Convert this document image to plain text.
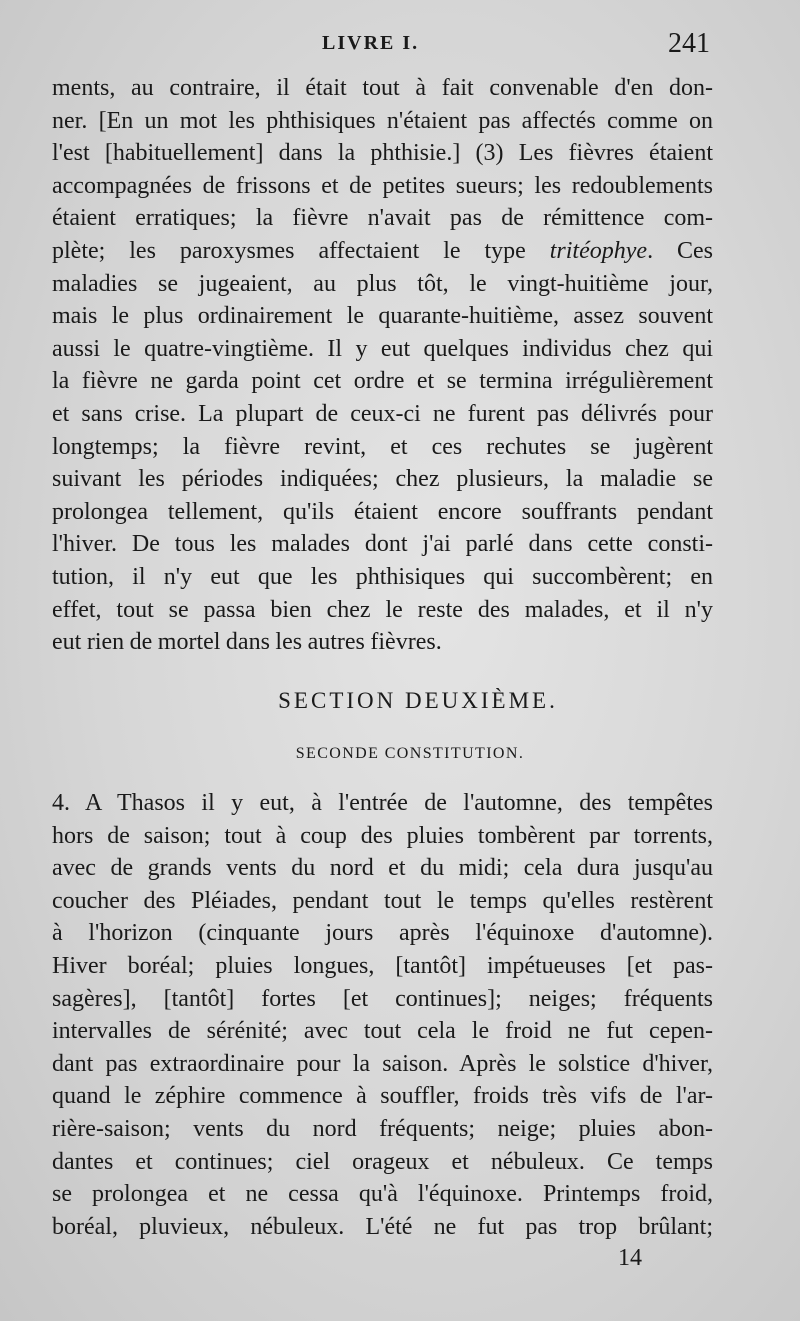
LIVRE I.	241
ments, au contraire, il était tout à fait convenable d'en don-
ner. [En un mot les phthisiques n'étaient pas affectés comme on
l'est [habituellement] dans la phthisie.] (3) Les fièvres étaient
accompagnées de frissons et de petites sueurs; les redoublements
étaient erratiques; la fièvre n'avait pas de rémittence com-
plète; les paroxysmes affectaient le type tritéophye. Ces
maladies se jugeaient, au plus tôt, le vingt-huitième jour,
mais le plus ordinairement le quarante-huitième, assez souvent
aussi le quatre-vingtième. Il y eut quelques individus chez qui
la fièvre ne garda point cet ordre et se termina irrégulièrement
et sans crise. La plupart de ceux-ci ne furent pas délivrés pour
longtemps; la fièvre revint, et ces rechutes se jugèrent
suivant les périodes indiquées; chez plusieurs, la maladie se
prolongea tellement, qu'ils étaient encore souffrants pendant
l'hiver. De tous les malades dont j'ai parlé dans cette consti-
tution, il n'y eut que les phthisiques qui succombèrent; en
effet, tout se passa bien chez le reste des malades, et il n'y
eut rien de mortel dans les autres fièvres.
SECTION DEUXIÈME.
SECONDE CONSTITUTION.
4. A Thasos il y eut, à l'entrée de l'automne, des tempêtes
hors de saison; tout à coup des pluies tombèrent par torrents,
avec de grands vents du nord et du midi; cela dura jusqu'au
coucher des Pléiades, pendant tout le temps qu'elles restèrent
à l'horizon (cinquante jours après l'équinoxe d'automne).
Hiver boréal; pluies longues, [tantôt] impétueuses [et pas-
sagères], [tantôt] fortes [et continues]; neiges; fréquents
intervalles de sérénité; avec tout cela le froid ne fut cepen-
dant pas extraordinaire pour la saison. Après le solstice d'hiver,
quand le zéphire commence à souffler, froids très vifs de l'ar-
rière-saison; vents du nord fréquents; neige; pluies abon-
dantes et continues; ciel orageux et nébuleux. Ce temps
se prolongea et ne cessa qu'à l'équinoxe. Printemps froid,
boréal, pluvieux, nébuleux. L'été ne fut pas trop brûlant;
14
